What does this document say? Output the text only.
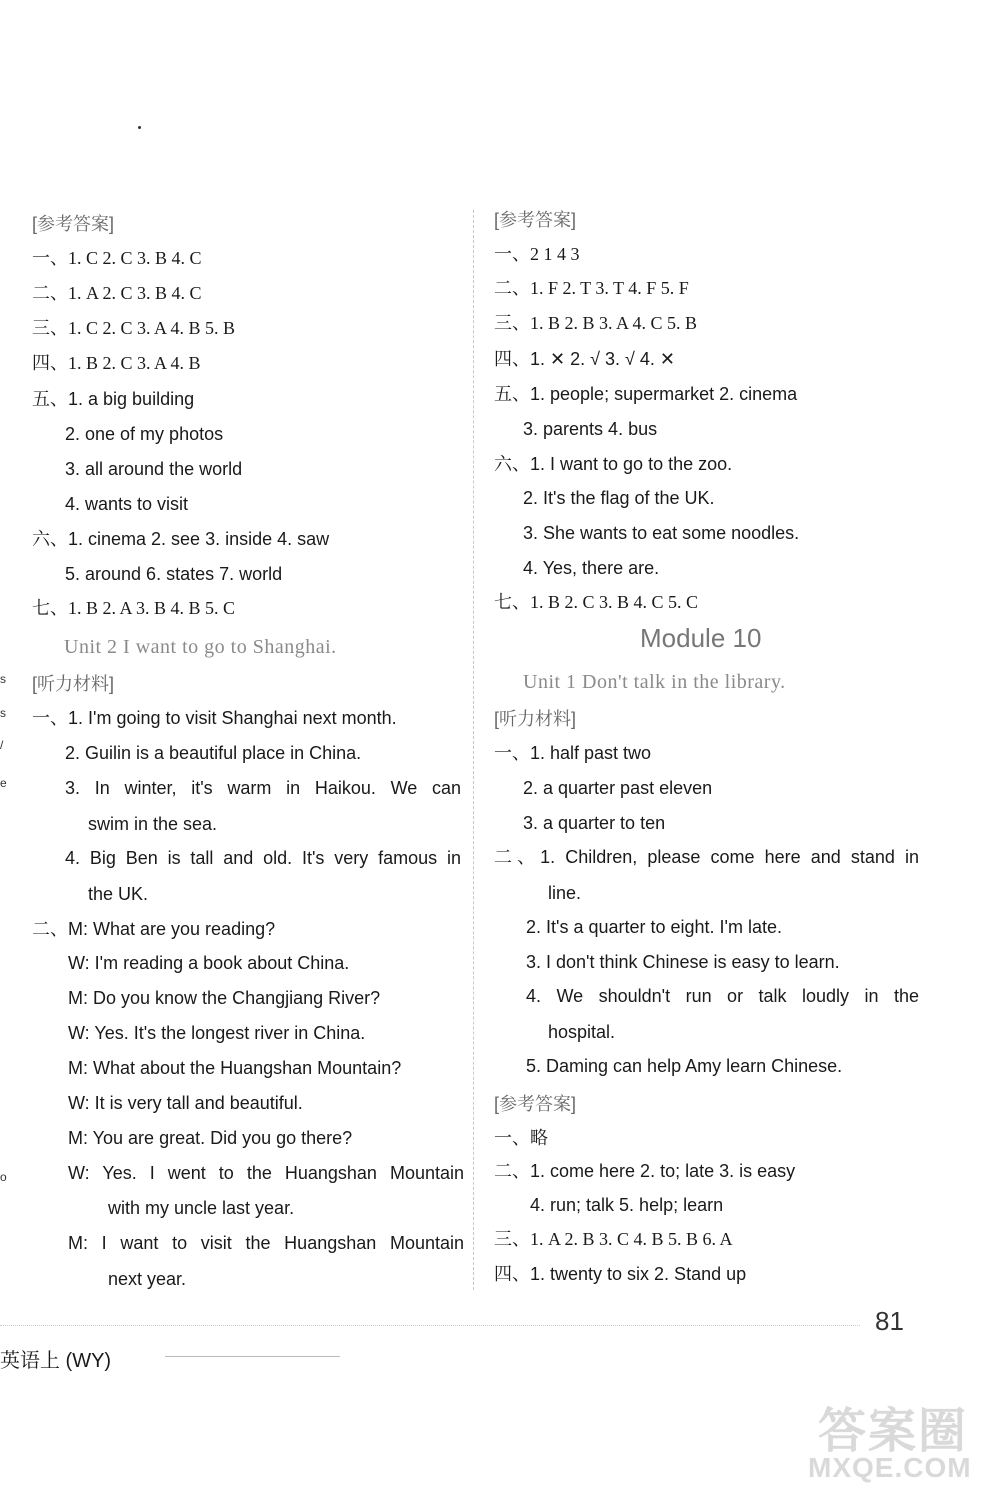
s
s
/
e
o
[参考答案]
一、1. C 2. C 3. B 4. C
二、1. A 2. C 3. B 4. C
三、1. C 2. C 3. A 4. B 5. B
四、1. B 2. C 3. A 4. B
五、1. a big building
2. one of my photos
3. all around the world
4. wants to visit
六、1. cinema 2. see 3. inside 4. saw
5. around 6. states 7. world
七、1. B 2. A 3. B 4. B 5. C
Unit 2 I want to go to Shanghai.
[听力材料]
一、1. I'm going to visit Shanghai next month.
2. Guilin is a beautiful place in China.
3. In winter, it's warm in Haikou. We can
swim in the sea.
4. Big Ben is tall and old. It's very famous in
the UK.
二、M: What are you reading?
W: I'm reading a book about China.
M: Do you know the Changjiang River?
W: Yes. It's the longest river in China.
M: What about the Huangshan Mountain?
W: It is very tall and beautiful.
M: You are great. Did you go there?
W: Yes. I went to the Huangshan Mountain
with my uncle last year.
M: I want to visit the Huangshan Mountain
next year.
[参考答案]
一、2 1 4 3
二、1. F 2. T 3. T 4. F 5. F
三、1. B 2. B 3. A 4. C 5. B
四、1. ✕ 2. √ 3. √ 4. ✕
五、1. people; supermarket 2. cinema
3. parents 4. bus
六、1. I want to go to the zoo.
2. It's the flag of the UK.
3. She wants to eat some noodles.
4. Yes, there are.
七、1. B 2. C 3. B 4. C 5. C
Module 10
Unit 1 Don't talk in the library.
[听力材料]
一、1. half past two
2. a quarter past eleven
3. a quarter to ten
二、1. Children, please come here and stand in
line.
2. It's a quarter to eight. I'm late.
3. I don't think Chinese is easy to learn.
4. We shouldn't run or talk loudly in the
hospital.
5. Daming can help Amy learn Chinese.
[参考答案]
一、略
二、1. come here 2. to; late 3. is easy
4. run; talk 5. help; learn
三、1. A 2. B 3. C 4. B 5. B 6. A
四、1. twenty to six 2. Stand up
英语上 (WY)
81
答案圈
MXQE.COM
